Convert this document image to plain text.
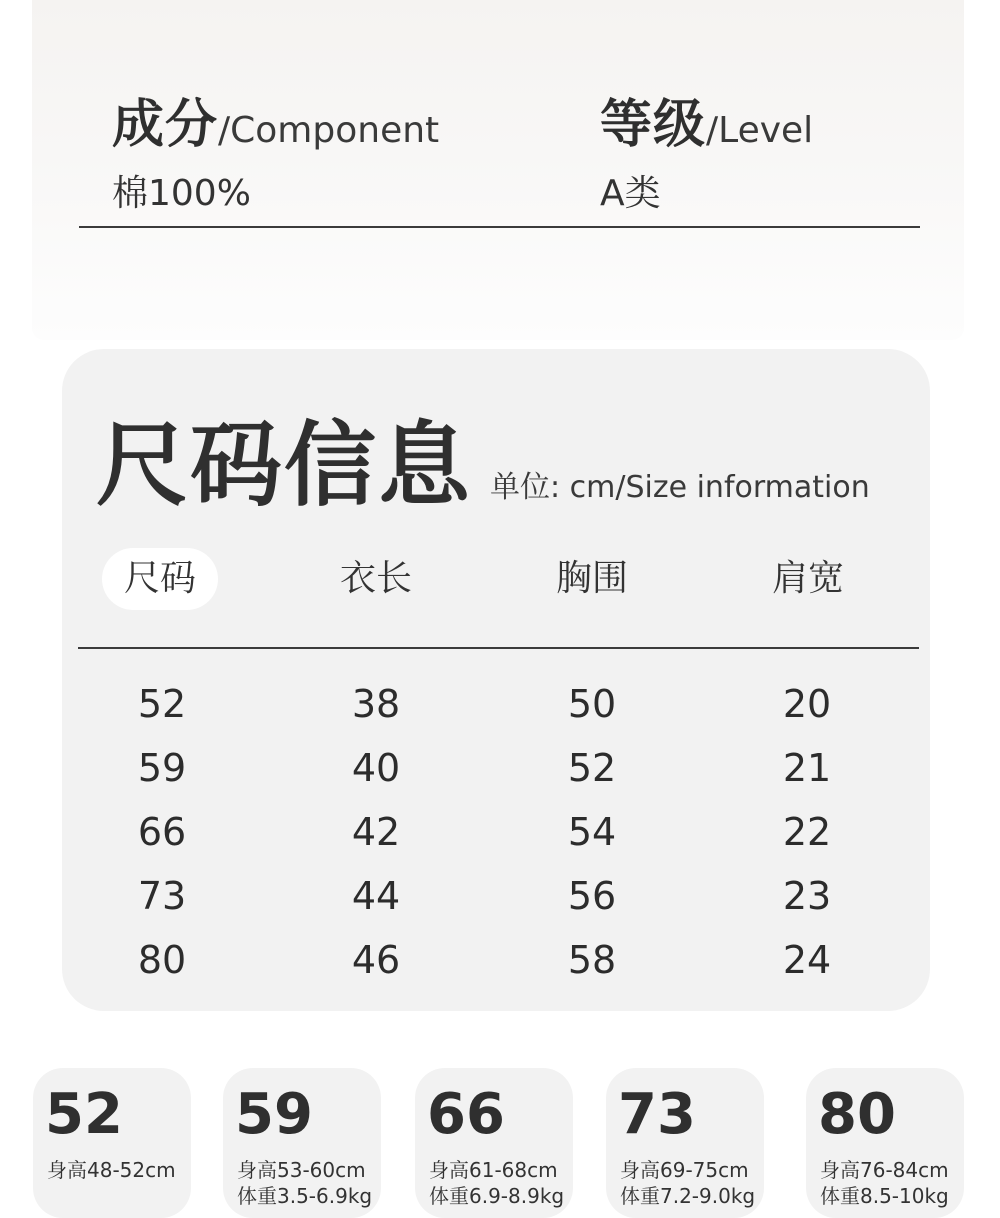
成分 /Component
棉100%
等级 /Level
A类
尺码信息 单位: cm/Size information
尺码	衣长	胸围	肩宽
52	38	50	20
59	40	52	21
66	42	54	22
73	44	56	23
80	46	58	24
52
身高48-52cm
59
身高53-60cm
体重3.5-6.9kg
66
身高61-68cm
体重6.9-8.9kg
73
身高69-75cm
体重7.2-9.0kg
80
身高76-84cm
体重8.5-10kg
